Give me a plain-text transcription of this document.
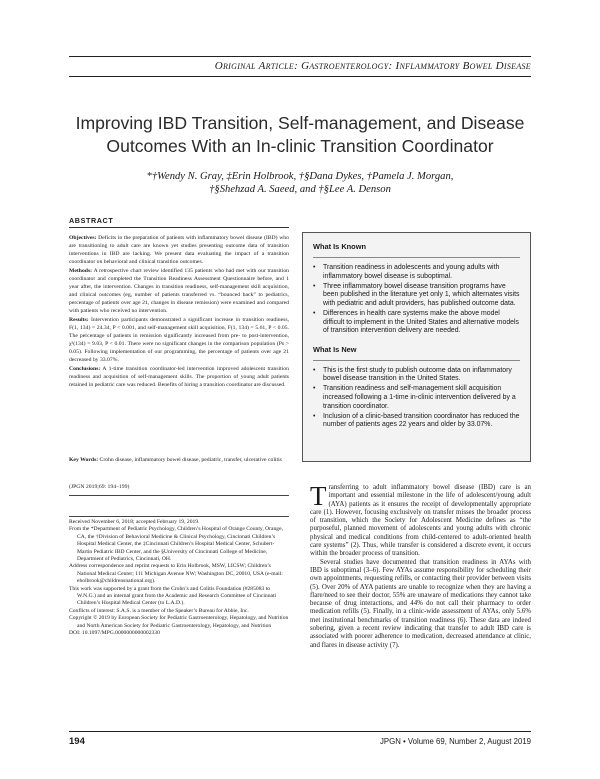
Original Article: Gastroenterology: Inflammatory Bowel Disease
Improving IBD Transition, Self-management, and Disease
Outcomes With an In-clinic Transition Coordinator
*†Wendy N. Gray, ‡Erin Holbrook, †§Dana Dykes, †Pamela J. Morgan,
†§Shehzad A. Saeed, and †§Lee A. Denson
ABSTRACT

Objectives: Deficits in the preparation of patients with inflammatory bowel disease (IBD) who are transitioning to adult care are known yet studies presenting outcome data of transition interventions in IBD are lacking. We present data evaluating the impact of a transition coordinator on behavioral and clinical transition outcomes.

Methods: A retrospective chart review identified 135 patients who had met with our transition coordinator and completed the Transition Readiness Assessment Questionnaire before, and 1 year after, the intervention. Changes in transition readiness, self-management skill acquisition, and clinical outcomes (eg, number of patients transferred vs. “bounced back” to pediatrics, percentage of patients over age 21, changes in disease remission) were examined and compared with patients who received no intervention.

Results: Intervention participants demonstrated a significant increase in transition readiness, F(1, 134) = 24.34, P < 0.001, and self-management skill acquisition, F(1, 134) = 5.61, P < 0.05. The percentage of patients in remission significantly increased from pre- to post-intervention, χ²(134) = 9.03, P < 0.01. There were no significant changes in the comparison population (Ps > 0.05). Following implementation of our programming, the percentage of patients over age 21 decreased by 33.07%.

Conclusions: A 1-time transition coordinator-led intervention improved adolescent transition readiness and acquisition of self-management skills. The proportion of young adult patients retained in pediatric care was reduced. Benefits of hiring a transition coordinator are discussed.

Key Words: Crohn disease, inflammatory bowel disease, pediatric, transfer, ulcerative colitis
(JPGN 2019;69: 194–199)

Received November 6, 2018; accepted February 19, 2019.

From the *Department of Pediatric Psychology, Children’s Hospital of Orange County, Orange, CA, the †Division of Behavioral Medicine & Clinical Psychology, Cincinnati Children’s Hospital Medical Center, the ‡Cincinnati Children’s Hospital Medical Center, Schubert-Martin Pediatric IBD Center, and the §University of Cincinnati College of Medicine, Department of Pediatrics, Cincinnati, OH.

Address correspondence and reprint requests to Erin Holbrook, MSW, LICSW; Children’s National Medical Center; 111 Michigan Avenue NW; Washington DC, 20010, USA (e-mail: eholbrook@childrensnational.org).

This work was supported by a grant from the Crohn’s and Colitis Foundation (#285083 to W.N.G.) and an internal grant from the Academic and Research Committee of Cincinnati Children’s Hospital Medical Center (to L.A.D.).

Conflicts of interest: S.A.S. is a member of the Speaker’s Bureau for Abbie, Inc.

Copyright © 2019 by European Society for Pediatric Gastroenterology, Hepatology, and Nutrition and North American Society for Pediatric Gastroenterology, Hepatology, and Nutrition

DOI: 10.1097/MPG.0000000000002330

What Is Known
• Transition readiness in adolescents and young adults with inflammatory bowel disease is suboptimal.
• Three inflammatory bowel disease transition programs have been published in the literature yet only 1, which alternates visits with pediatric and adult providers, has published outcome data.
• Differences in health care systems make the above model difficult to implement in the United States and alternative models of transition intervention delivery are needed.
What Is New
• This is the first study to publish outcome data on inflammatory bowel disease transition in the United States.
• Transition readiness and self-management skill acquisition increased following a 1-time in-clinic intervention delivered by a transition coordinator.
• Inclusion of a clinic-based transition coordinator has reduced the number of patients ages 22 years and older by 33.07%.

Transferring to adult inflammatory bowel disease (IBD) care is an important and essential milestone in the life of adolescent/young adult (AYA) patients as it ensures the receipt of developmentally appropriate care (1). However, focusing exclusively on transfer misses the broader process of transition, which the Society for Adolescent Medicine defines as “the purposeful, planned movement of adolescents and young adults with chronic physical and medical conditions from child-centered to adult-oriented health care systems” (2). Thus, while transfer is considered a discrete event, it occurs within the broader process of transition.

Several studies have documented that transition readiness in AYAs with IBD is suboptimal (3–6). Few AYAs assume responsibility for scheduling their own appointments, requesting refills, or contacting their provider between visits (5). Over 20% of AYA patients are unable to recognize when they are having a flare/need to see their doctor, 55% are unaware of medications they cannot take because of drug interactions, and 44% do not call their pharmacy to order medication refills (5). Finally, in a clinic-wide assessment of AYAs, only 5.6% met institutional benchmarks of transition readiness (6). These data are indeed sobering, given a recent review indicating that transfer to adult IBD care is associated with poorer adherence to medication, decreased attendance at clinic, and flares in disease activity (7).

194	JPGN • Volume 69, Number 2, August 2019
